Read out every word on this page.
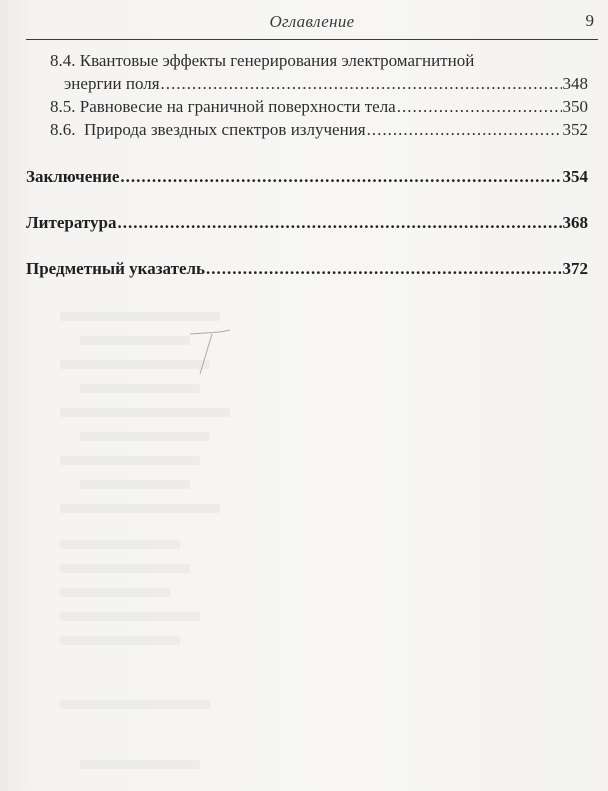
Оглавление	9
8.4. Квантовые эффекты генерирования электромагнитной
энергии поля .....	348
8.5. Равновесие на граничной поверхности тела .....	350
8.6. Природа звездных спектров излучения .....	352
Заключение .....	354
Литература .....	368
Предметный указатель .....	372
